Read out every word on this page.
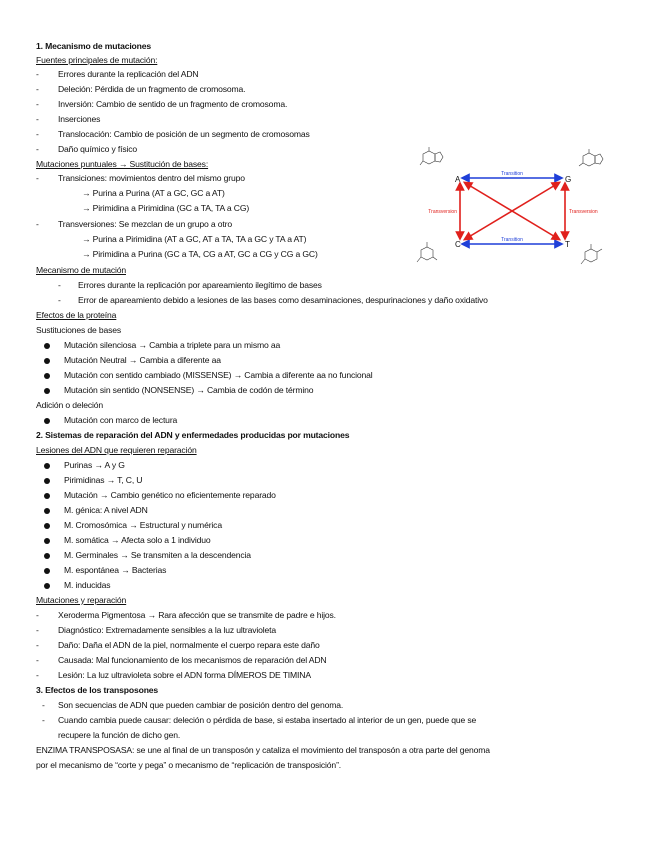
1. Mecanismo de mutaciones
Fuentes principales de mutación:
- Errores durante la replicación del ADN
- Deleción: Pérdida de un fragmento de cromosoma.
- Inversión: Cambio de sentido de un fragmento de cromosoma.
- Inserciones
- Translocación: Cambio de posición de un segmento de cromosomas
- Daño químico y físico
Mutaciones puntuales → Sustitución de bases:
- Transiciones: movimientos dentro del mismo grupo
→ Purina a Purina (AT a GC, GC a AT)
→ Pirimidina a Pirimidina (GC a TA, TA a CG)
- Transversiones: Se mezclan de un grupo a otro
→ Purina a Pirimidina (AT a GC, AT a TA, TA a GC y TA a AT)
→ Pirimidina a Purina (GC a TA, CG a AT, GC a CG y CG a GC)
Mecanismo de mutación
- Errores durante la replicación por apareamiento ilegítimo de bases
- Error de apareamiento debido a lesiones de las bases como desaminaciones, despurinaciones y daño oxidativo
Efectos de la proteína
Sustituciones de bases
Mutación silenciosa → Cambia a triplete para un mismo aa
Mutación Neutral → Cambia a diferente aa
Mutación con sentido cambiado (MISSENSE) → Cambia a diferente aa no funcional
Mutación sin sentido (NONSENSE) → Cambia de codón de término
Adición o deleción
Mutación con marco de lectura
2. Sistemas de reparación del ADN y enfermedades producidas por mutaciones
Lesiones del ADN que requieren reparación
Purinas → A y G
Pirimidinas → T, C, U
Mutación → Cambio genético no eficientemente reparado
M. génica: A nivel ADN
M. Cromosómica → Estructural y numérica
M. somática → Afecta solo a 1 individuo
M. Germinales → Se transmiten a la descendencia
M. espontánea → Bacterias
M. inducidas
Mutaciones y reparación
- Xeroderma Pigmentosa → Rara afección que se transmite de padre e hijos.
- Diagnóstico: Extremadamente sensibles a la luz ultravioleta
- Daño: Daña el ADN de la piel, normalmente el cuerpo repara este daño
- Causada: Mal funcionamiento de los mecanismos de reparación del ADN
- Lesión: La luz ultravioleta sobre el ADN forma DÍMEROS DE TIMINA
3. Efectos de los transposones
- Son secuencias de ADN que pueden cambiar de posición dentro del genoma.
- Cuando cambia puede causar: deleción o pérdida de base, si estaba insertado al interior de un gen, puede que se
recupere la función de dicho gen.
ENZIMA TRANSPOSASA: se une al final de un transposón y cataliza el movimiento del transposón a otra parte del genoma
por el mecanismo de “corte y pega” o mecanismo de “replicación de transposición”.
A	G
C	T
Transition
Transition
Transversion	Transversion
